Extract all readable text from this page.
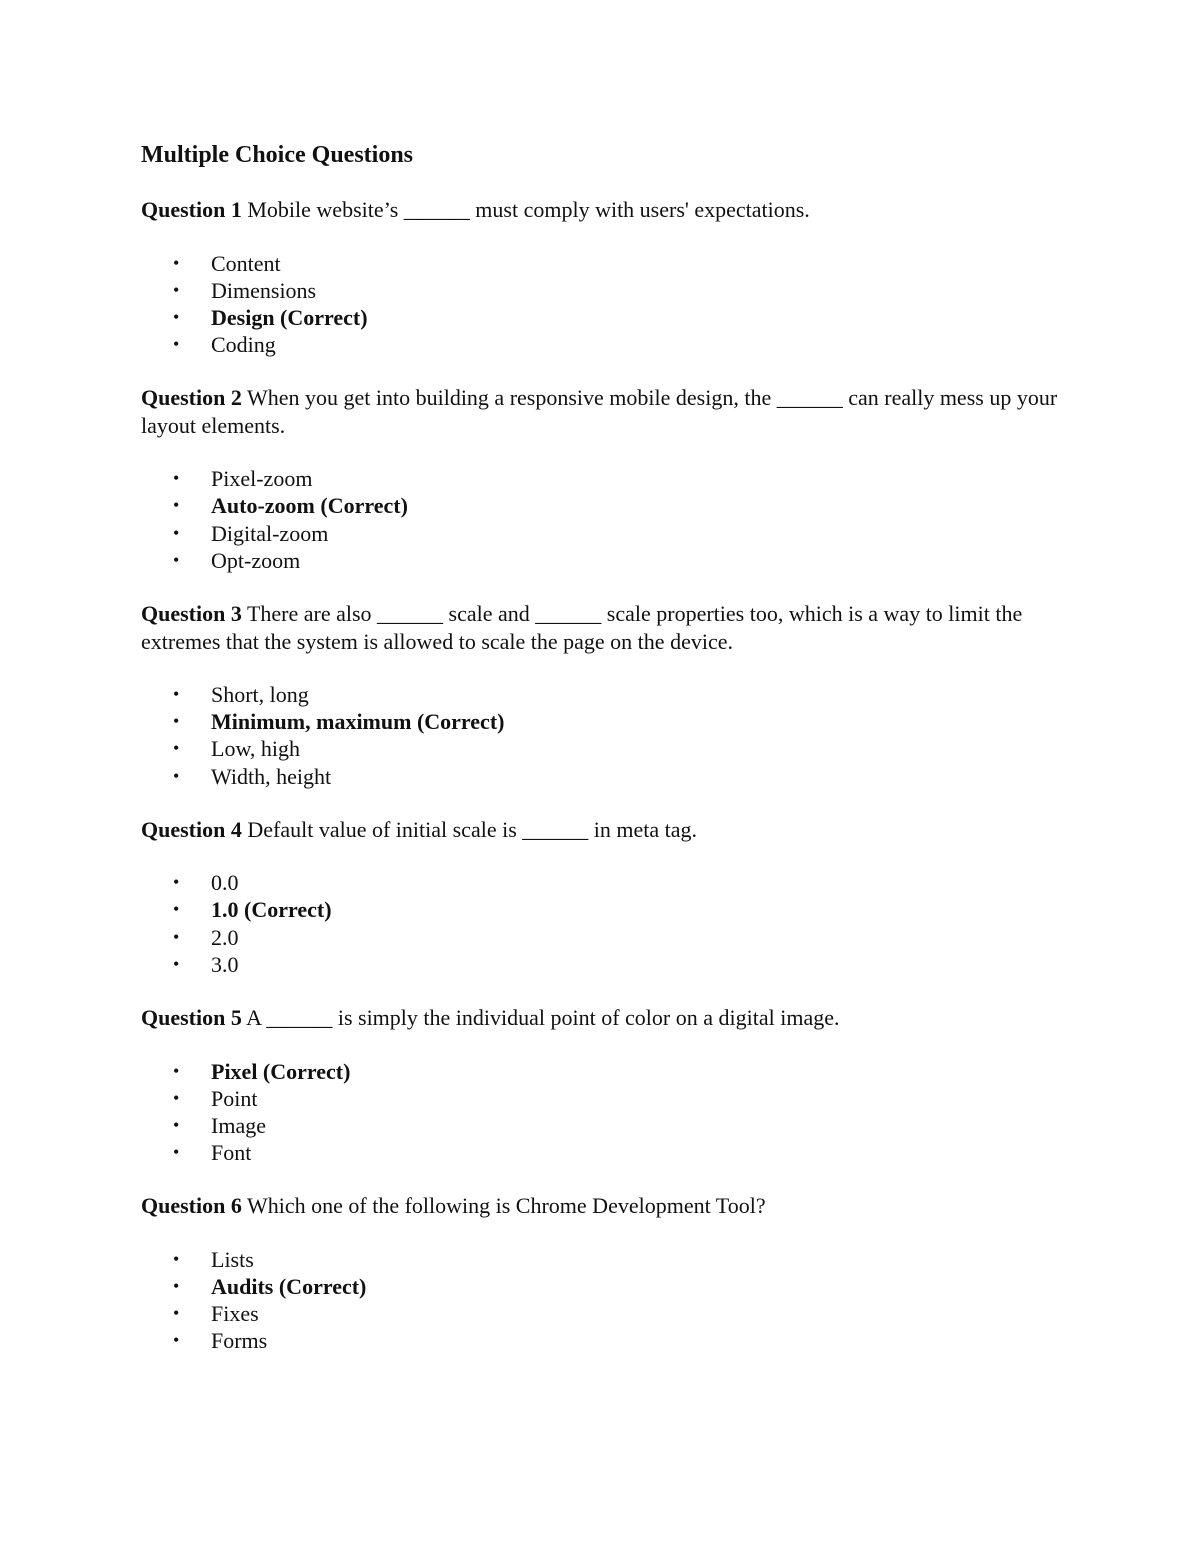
Multiple Choice Questions

Question 1 Mobile website’s ______ must comply with users' expectations.

• Content
• Dimensions
• Design (Correct)
• Coding

Question 2 When you get into building a responsive mobile design, the ______ can really mess up your layout elements.

• Pixel-zoom
• Auto-zoom (Correct)
• Digital-zoom
• Opt-zoom

Question 3 There are also ______ scale and ______ scale properties too, which is a way to limit the extremes that the system is allowed to scale the page on the device.

• Short, long
• Minimum, maximum (Correct)
• Low, high
• Width, height

Question 4 Default value of initial scale is ______ in meta tag.

• 0.0
• 1.0 (Correct)
• 2.0
• 3.0

Question 5 A ______ is simply the individual point of color on a digital image.

• Pixel (Correct)
• Point
• Image
• Font

Question 6 Which one of the following is Chrome Development Tool?

• Lists
• Audits (Correct)
• Fixes
• Forms
